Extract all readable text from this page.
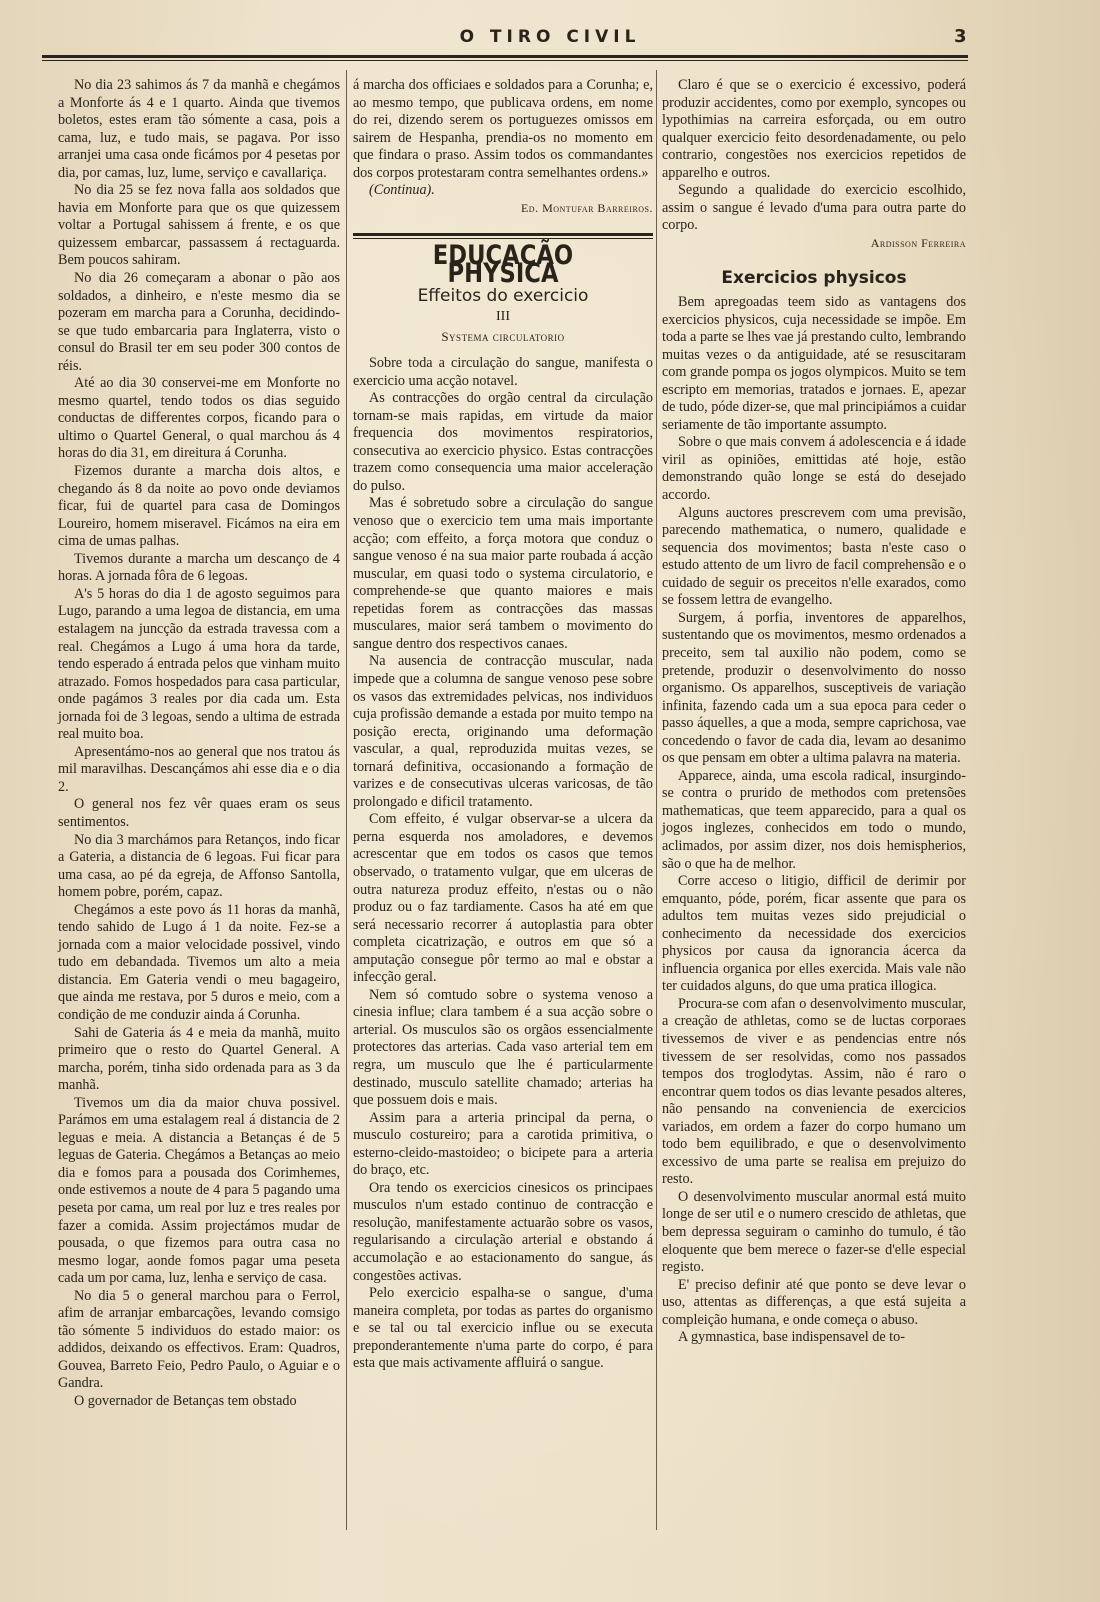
O TIRO CIVIL	3

No dia 23 sahimos ás 7 da manhã e chegámos a Monforte ás 4 e 1 quarto. Ainda que tivemos boletos, estes eram tão sómente a casa, pois a cama, luz, e tudo mais, se pagava. Por isso arranjei uma casa onde ficámos por 4 pesetas por dia, por camas, luz, lume, serviço e cavallariça.

No dia 25 se fez nova falla aos soldados que havia em Monforte para que os que quizessem voltar a Portugal sahissem á frente, e os que quizessem embarcar, passassem á rectaguarda. Bem poucos sahiram.

No dia 26 começaram a abonar o pão aos soldados, a dinheiro, e n'este mesmo dia se pozeram em marcha para a Corunha, decidindo-se que tudo embarcaria para Inglaterra, visto o consul do Brasil ter em seu poder 300 contos de réis.

Até ao dia 30 conservei-me em Monforte no mesmo quartel, tendo todos os dias seguido conductas de differentes corpos, ficando para o ultimo o Quartel General, o qual marchou ás 4 horas do dia 31, em direitura á Corunha.

Fizemos durante a marcha dois altos, e chegando ás 8 da noite ao povo onde deviamos ficar, fui de quartel para casa de Domingos Loureiro, homem miseravel. Ficámos na eira em cima de umas palhas.

Tivemos durante a marcha um descanço de 4 horas. A jornada fôra de 6 legoas.

A's 5 horas do dia 1 de agosto seguimos para Lugo, parando a uma legoa de distancia, em uma estalagem na juncção da estrada travessa com a real. Chegámos a Lugo á uma hora da tarde, tendo esperado á entrada pelos que vinham muito atrazado. Fomos hospedados para casa particular, onde pagámos 3 reales por dia cada um. Esta jornada foi de 3 legoas, sendo a ultima de estrada real muito boa.

Apresentámo-nos ao general que nos tratou ás mil maravilhas. Descançámos ahi esse dia e o dia 2.

O general nos fez vêr quaes eram os seus sentimentos.

No dia 3 marchámos para Retanços, indo ficar a Gateria, a distancia de 6 legoas. Fui ficar para uma casa, ao pé da egreja, de Affonso Santolla, homem pobre, porém, capaz.

Chegámos a este povo ás 11 horas da manhã, tendo sahido de Lugo á 1 da noite. Fez-se a jornada com a maior velocidade possivel, vindo tudo em debandada. Tivemos um alto a meia distancia. Em Gateria vendi o meu bagageiro, que ainda me restava, por 5 duros e meio, com a condição de me conduzir ainda á Corunha.

Sahi de Gateria ás 4 e meia da manhã, muito primeiro que o resto do Quartel General. A marcha, porém, tinha sido ordenada para as 3 da manhã.

Tivemos um dia da maior chuva possivel. Parámos em uma estalagem real á distancia de 2 leguas e meia. A distancia a Betanças é de 5 leguas de Gateria. Chegámos a Betanças ao meio dia e fomos para a pousada dos Corimhemes, onde estivemos a noute de 4 para 5 pagando uma peseta por cama, um real por luz e tres reales por fazer a comida. Assim projectámos mudar de pousada, o que fizemos para outra casa no mesmo logar, aonde fomos pagar uma peseta cada um por cama, luz, lenha e serviço de casa.

No dia 5 o general marchou para o Ferrol, afim de arranjar embarcações, levando comsigo tão sómente 5 individuos do estado maior: os addidos, deixando os effectivos. Eram: Quadros, Gouvea, Barreto Feio, Pedro Paulo, o Aguiar e o Gandra.

O governador de Betanças tem obstado

á marcha dos officiaes e soldados para a Corunha; e, ao mesmo tempo, que publicava ordens, em nome do rei, dizendo serem os portuguezes omissos em sairem de Hespanha, prendia-os no momento em que findara o praso. Assim todos os commandantes dos corpos protestaram contra semelhantes ordens.»

(Continua).

Ed. Montufar Barreiros.

EDUCAÇÃO PHYSICA
Effeitos do exercicio
III
Systema circulatorio

Sobre toda a circulação do sangue, manifesta o exercicio uma acção notavel.

As contracções do orgão central da circulação tornam-se mais rapidas, em virtude da maior frequencia dos movimentos respiratorios, consecutiva ao exercicio physico. Estas contracções trazem como consequencia uma maior acceleração do pulso.

Mas é sobretudo sobre a circulação do sangue venoso que o exercicio tem uma mais importante acção; com effeito, a força motora que conduz o sangue venoso é na sua maior parte roubada á acção muscular, em quasi todo o systema circulatorio, e comprehende-se que quanto maiores e mais repetidas forem as contracções das massas musculares, maior será tambem o movimento do sangue dentro dos respectivos canaes.

Na ausencia de contracção muscular, nada impede que a columna de sangue venoso pese sobre os vasos das extremidades pelvicas, nos individuos cuja profissão demande a estada por muito tempo na posição erecta, originando uma deformação vascular, a qual, reproduzida muitas vezes, se tornará definitiva, occasionando a formação de varizes e de consecutivas ulceras varicosas, de tão prolongado e dificil tratamento.

Com effeito, é vulgar observar-se a ulcera da perna esquerda nos amoladores, e devemos acrescentar que em todos os casos que temos observado, o tratamento vulgar, que em ulceras de outra natureza produz effeito, n'estas ou o não produz ou o faz tardiamente. Casos ha até em que será necessario recorrer á autoplastia para obter completa cicatrização, e outros em que só a amputação consegue pôr termo ao mal e obstar a infecção geral.

Nem só comtudo sobre o systema venoso a cinesia influe; clara tambem é a sua acção sobre o arterial. Os musculos são os orgãos essencialmente protectores das arterias. Cada vaso arterial tem em regra, um musculo que lhe é particularmente destinado, musculo satellite chamado; arterias ha que possuem dois e mais.

Assim para a arteria principal da perna, o musculo costureiro; para a carotida primitiva, o esterno-cleido-mastoideo; o bicipete para a arteria do braço, etc.

Ora tendo os exercicios cinesicos os principaes musculos n'um estado continuo de contracção e resolução, manifestamente actuarão sobre os vasos, regularisando a circulação arterial e obstando á accumolação e ao estacionamento do sangue, ás congestões activas.

Pelo exercicio espalha-se o sangue, d'uma maneira completa, por todas as partes do organismo e se tal ou tal exercicio influe ou se executa preponderantemente n'uma parte do corpo, é para esta que mais activamente affluirá o sangue.

Claro é que se o exercicio é excessivo, poderá produzir accidentes, como por exemplo, syncopes ou lypothimias na carreira esforçada, ou em outro qualquer exercicio feito desordenadamente, ou pelo contrario, congestões nos exercicios repetidos de apparelho e outros.

Segundo a qualidade do exercicio escolhido, assim o sangue é levado d'uma para outra parte do corpo.

Ardisson Ferreira

Exercicios physicos

Bem apregoadas teem sido as vantagens dos exercicios physicos, cuja necessidade se impõe. Em toda a parte se lhes vae já prestando culto, lembrando muitas vezes o da antiguidade, até se resuscitaram com grande pompa os jogos olympicos. Muito se tem escripto em memorias, tratados e jornaes. E, apezar de tudo, póde dizer-se, que mal principiámos a cuidar seriamente de tão importante assumpto.

Sobre o que mais convem á adolescencia e á idade viril as opiniões, emittidas até hoje, estão demonstrando quão longe se está do desejado accordo.

Alguns auctores prescrevem com uma previsão, parecendo mathematica, o numero, qualidade e sequencia dos movimentos; basta n'este caso o estudo attento de um livro de facil comprehensão e o cuidado de seguir os preceitos n'elle exarados, como se fossem lettra de evangelho.

Surgem, á porfia, inventores de apparelhos, sustentando que os movimentos, mesmo ordenados a preceito, sem tal auxilio não podem, como se pretende, produzir o desenvolvimento do nosso organismo. Os apparelhos, susceptiveis de variação infinita, fazendo cada um a sua epoca para ceder o passo áquelles, a que a moda, sempre caprichosa, vae concedendo o favor de cada dia, levam ao desanimo os que pensam em obter a ultima palavra na materia.

Apparece, ainda, uma escola radical, insurgindo-se contra o prurido de methodos com pretensões mathematicas, que teem apparecido, para a qual os jogos inglezes, conhecidos em todo o mundo, aclimados, por assim dizer, nos dois hemispherios, são o que ha de melhor.

Corre acceso o litigio, difficil de derimir por emquanto, póde, porém, ficar assente que para os adultos tem muitas vezes sido prejudicial o conhecimento da necessidade dos exercicios physicos por causa da ignorancia ácerca da influencia organica por elles exercida. Mais vale não ter cuidados alguns, do que uma pratica illogica.

Procura-se com afan o desenvolvimento muscular, a creação de athletas, como se de luctas corporaes tivessemos de viver e as pendencias entre nós tivessem de ser resolvidas, como nos passados tempos dos troglodytas. Assim, não é raro o encontrar quem todos os dias levante pesados alteres, não pensando na conveniencia de exercicios variados, em ordem a fazer do corpo humano um todo bem equilibrado, e que o desenvolvimento excessivo de uma parte se realisa em prejuizo do resto.

O desenvolvimento muscular anormal está muito longe de ser util e o numero crescido de athletas, que bem depressa seguiram o caminho do tumulo, é tão eloquente que bem merece o fazer-se d'elle especial registo.

E' preciso definir até que ponto se deve levar o uso, attentas as differenças, a que está sujeita a compleição humana, e onde começa o abuso.

A gymnastica, base indispensavel de to-
